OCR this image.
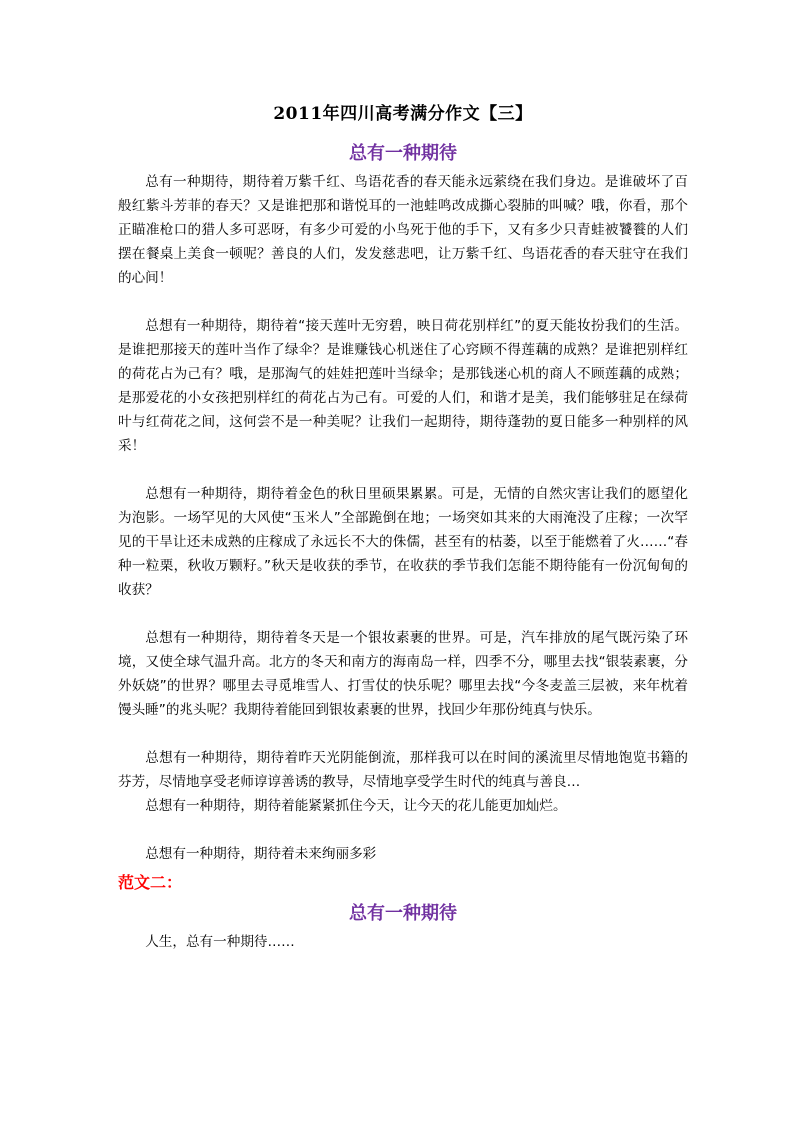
2011年四川高考满分作文【三】
总有一种期待

总有一种期待，期待着万紫千红、鸟语花香的春天能永远萦绕在我们身边。是谁破坏了百般红紫斗芳菲的春天？又是谁把那和谐悦耳的一池蛙鸣改成撕心裂肺的叫喊？哦，你看，那个正瞄准枪口的猎人多可恶呀，有多少可爱的小鸟死于他的手下，又有多少只青蛙被饕餮的人们摆在餐桌上美食一顿呢？善良的人们，发发慈悲吧，让万紫千红、鸟语花香的春天驻守在我们的心间！

总想有一种期待，期待着“接天莲叶无穷碧，映日荷花别样红”的夏天能妆扮我们的生活。是谁把那接天的莲叶当作了绿伞？是谁赚钱心机迷住了心窍顾不得莲藕的成熟？是谁把别样红的荷花占为己有？哦，是那淘气的娃娃把莲叶当绿伞；是那钱迷心机的商人不顾莲藕的成熟；是那爱花的小女孩把别样红的荷花占为己有。可爱的人们，和谐才是美，我们能够驻足在绿荷叶与红荷花之间，这何尝不是一种美呢？让我们一起期待，期待蓬勃的夏日能多一种别样的风采！

总想有一种期待，期待着金色的秋日里硕果累累。可是，无情的自然灾害让我们的愿望化为泡影。一场罕见的大风使“玉米人”全部跪倒在地；一场突如其来的大雨淹没了庄稼；一次罕见的干旱让还未成熟的庄稼成了永远长不大的侏儒，甚至有的枯萎，以至于能燃着了火……“春种一粒栗，秋收万颗籽。”秋天是收获的季节，在收获的季节我们怎能不期待能有一份沉甸甸的收获？

总想有一种期待，期待着冬天是一个银妆素裹的世界。可是，汽车排放的尾气既污染了环境，又使全球气温升高。北方的冬天和南方的海南岛一样，四季不分，哪里去找“银装素裹，分外妖娆”的世界？哪里去寻觅堆雪人、打雪仗的快乐呢？哪里去找“今冬麦盖三层被，来年枕着馒头睡”的兆头呢？我期待着能回到银妆素裹的世界，找回少年那份纯真与快乐。

总想有一种期待，期待着昨天光阴能倒流，那样我可以在时间的溪流里尽情地饱览书籍的芬芳，尽情地享受老师谆谆善诱的教导，尽情地享受学生时代的纯真与善良…

总想有一种期待，期待着能紧紧抓住今天，让今天的花儿能更加灿烂。

总想有一种期待，期待着未来绚丽多彩

范文二：
总有一种期待

人生，总有一种期待……
